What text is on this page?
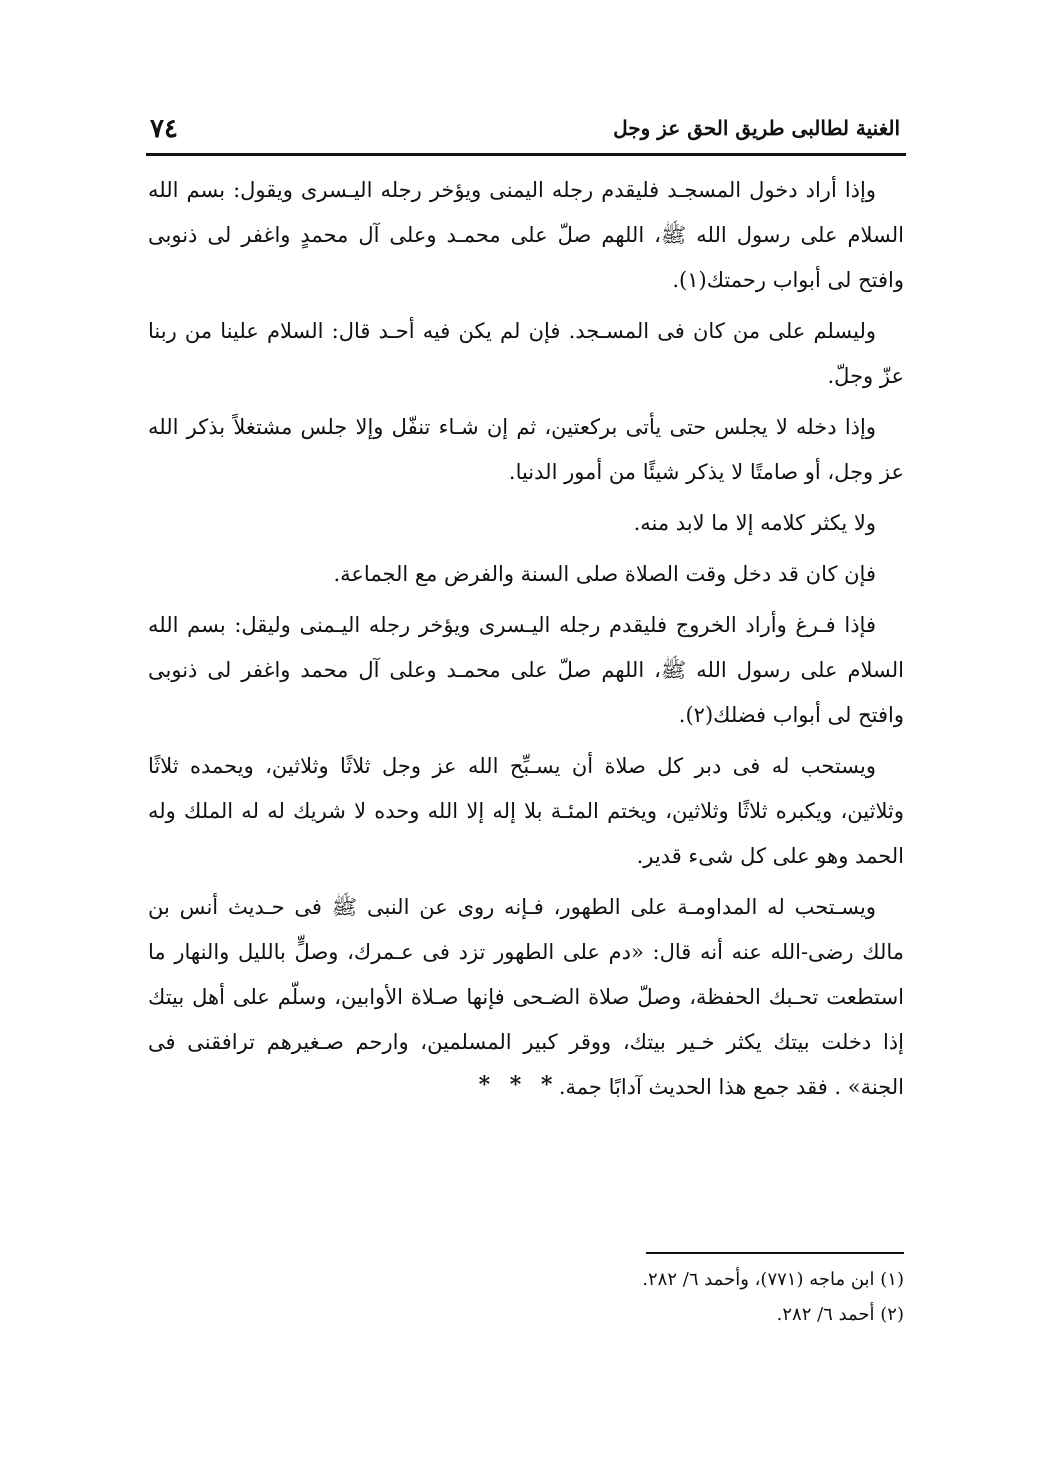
الغنية لطالبى طريق الحق عز وجل
٧٤

وإذا أراد دخول المسجـد فليقدم رجله اليمنى ويؤخر رجله اليـسرى ويقول: بسم الله السلام على رسول الله ﷺ، اللهم صلّ على محمـد وعلى آل محمدٍ واغفر لى ذنوبى وافتح لى أبواب رحمتك(١).

وليسلم على من كان فى المسـجد. فإن لم يكن فيه أحـد قال: السلام علينا من ربنا عزّ وجلّ.

وإذا دخله لا يجلس حتى يأتى بركعتين، ثم إن شـاء تنفّل وإلا جلس مشتغلاً بذكر الله عز وجل، أو صامتًا لا يذكر شيئًا من أمور الدنيا.

ولا يكثر كلامه إلا ما لابد منه.

فإن كان قد دخل وقت الصلاة صلى السنة والفرض مع الجماعة.

فإذا فـرغ وأراد الخروج فليقدم رجله اليـسرى ويؤخر رجله اليـمنى وليقل: بسم الله السلام على رسول الله ﷺ، اللهم صلّ على محمـد وعلى آل محمد واغفر لى ذنوبى وافتح لى أبواب فضلك(٢).

ويستحب له فى دبر كل صلاة أن يسـبِّح الله عز وجل ثلاثًا وثلاثين، ويحمده ثلاثًا وثلاثين، ويكبره ثلاثًا وثلاثين، ويختم المئـة بلا إله إلا الله وحده لا شريك له له الملك وله الحمد وهو على كل شىء قدير.

ويسـتحب له المداومـة على الطهور، فـإنه روى عن النبى ﷺ فى حـديث أنس بن مالك رضى-الله عنه أنه قال: «دم على الطهور تزد فى عـمرك، وصلٍّ بالليل والنهار ما استطعت تحـبك الحفظة، وصلّ صلاة الضـحى فإنها صـلاة الأوابين، وسلّم على أهل بيتك إذا دخلت بيتك يكثر خـير بيتك، ووقر كبير المسلمين، وارحم صـغيرهم ترافقنى فى الجنة» . فقد جمع هذا الحديث آدابًا جمة.

* * *
(١) ابن ماجه (٧٧١)، وأحمد ٦/ ٢٨٢.
(٢) أحمد ٦/ ٢٨٢.
